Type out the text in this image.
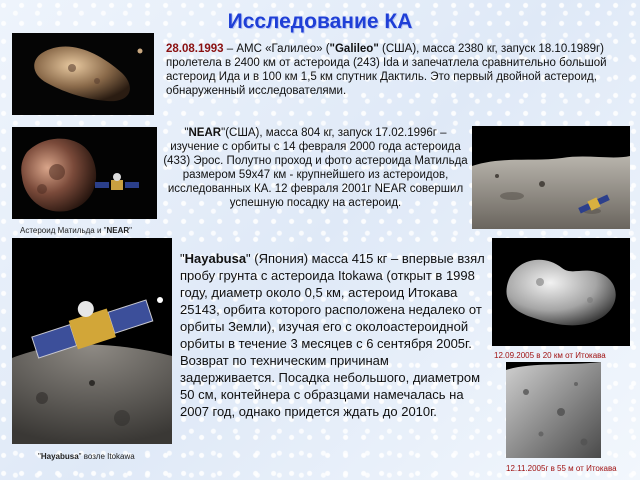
Исследование КА
28.08.1993 – АМС «Галилео» ("Galileo" (США), масса 2380 кг, запуск 18.10.1989г) пролетела в 2400 км от астероида (243) Ida и запечатлела сравнительно большой астероид Ида и в 100 км 1,5 км спутник Дактиль. Это первый двойной астероид, обнаруженный исследователями.
Астероид Матильда и "NEAR"
"NEAR"(США), масса 804 кг, запуск 17.02.1996г – изучение с орбиты с 14 февраля 2000 года астероида (433) Эрос. Полутно проход и фото астероида Матильда размером 59x47 км - крупнейшего из астероидов, исследованных КА. 12 февраля 2001г NEAR совершил успешную посадку на астероид.
"Hayabusa" возле Itokawa
"Hayabusa" (Япония) масса 415 кг – впервые взял пробу грунта с астероида Itokawa (открыт в 1998 году, диаметр около 0,5 км, астероид Итокава 25143, орбита которого расположена недалеко от орбиты Земли), изучая его с околоастероидной орбиты в течение 3 месяцев с 6 сентября 2005г. Возврат по техническим причинам задерживается. Посадка небольшого, диаметром 50 см, контейнера с образцами намечалась на 2007 год, однако придется ждать до 2010г.
12.09.2005 в 20 км от Итокава
12.11.2005г в 55 м от Итокава
